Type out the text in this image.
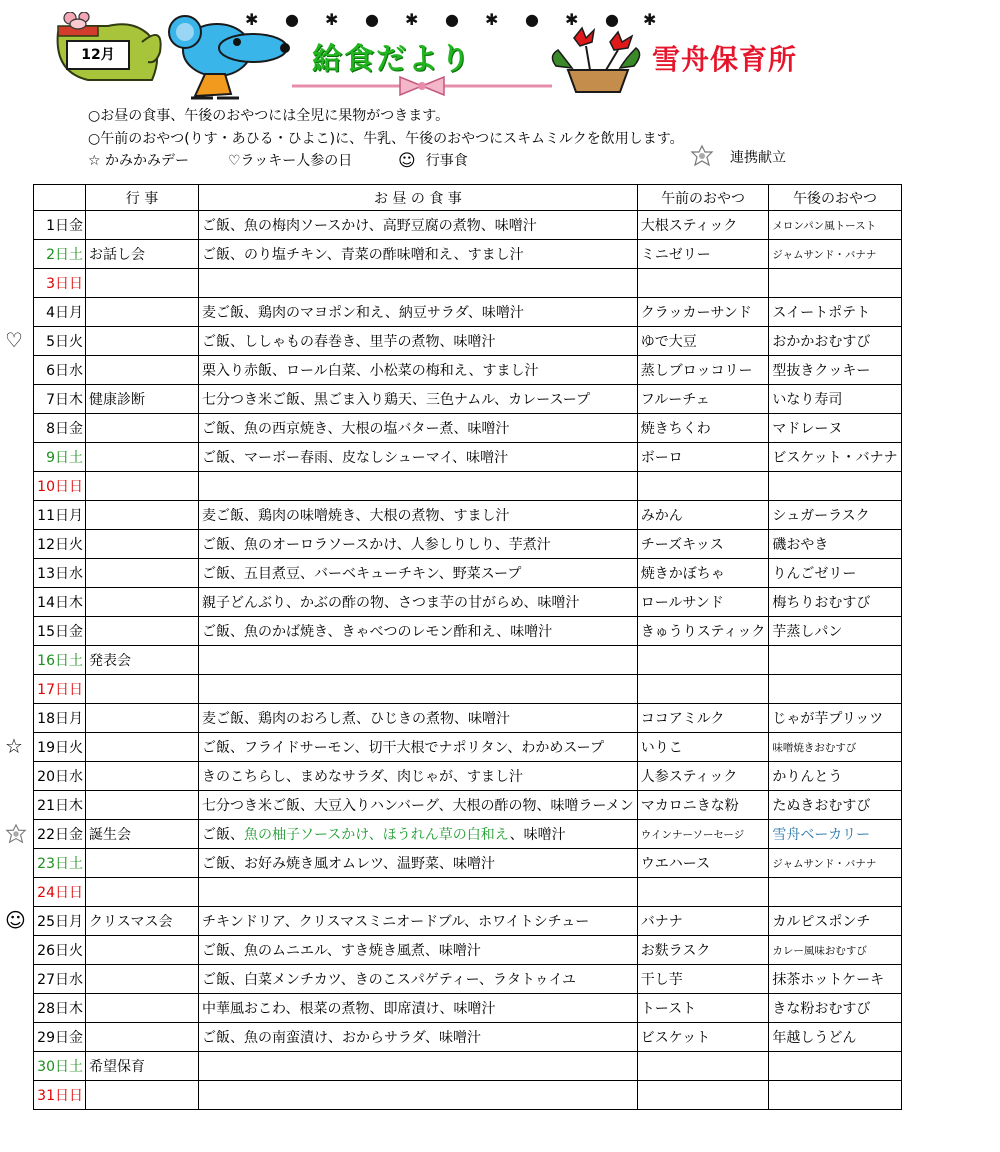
12月
✱ ● ✱ ● ✱ ● ✱ ● ✱ ● ✱
給食だより	雪舟保育所
○お昼の食事、午後のおやつには全児に果物がつきます。
○午前のおやつ(りす・あひる・ひよこ)に、牛乳、午後のおやつにスキムミルクを飲用します。
☆ かみかみデー	♡ラッキー人参の日	☺ 行事食	連携献立
♡
☆
☺
	行 事	お 昼 の 食 事	午前のおやつ	午後のおやつ
1日金		ご飯、魚の梅肉ソースかけ、高野豆腐の煮物、味噌汁	大根スティック	メロンパン風トースト
2日土	お話し会	ご飯、のり塩チキン、青菜の酢味噌和え、すまし汁	ミニゼリー	ジャムサンド・バナナ
3日日				
4日月		麦ご飯、鶏肉のマヨポン和え、納豆サラダ、味噌汁	クラッカーサンド	スイートポテト
5日火		ご飯、ししゃもの春巻き、里芋の煮物、味噌汁	ゆで大豆	おかかおむすび
6日水		栗入り赤飯、ロール白菜、小松菜の梅和え、すまし汁	蒸しブロッコリー	型抜きクッキー
7日木	健康診断	七分つき米ご飯、黒ごま入り鶏天、三色ナムル、カレースープ	フルーチェ	いなり寿司
8日金		ご飯、魚の西京焼き、大根の塩バター煮、味噌汁	焼きちくわ	マドレーヌ
9日土		ご飯、マーボー春雨、皮なしシューマイ、味噌汁	ボーロ	ビスケット・バナナ
10日日				
11日月		麦ご飯、鶏肉の味噌焼き、大根の煮物、すまし汁	みかん	シュガーラスク
12日火		ご飯、魚のオーロラソースかけ、人参しりしり、芋煮汁	チーズキッス	磯おやき
13日水		ご飯、五目煮豆、バーベキューチキン、野菜スープ	焼きかぼちゃ	りんごゼリー
14日木		親子どんぶり、かぶの酢の物、さつま芋の甘がらめ、味噌汁	ロールサンド	梅ちりおむすび
15日金		ご飯、魚のかば焼き、きゃべつのレモン酢和え、味噌汁	きゅうりスティック	芋蒸しパン
16日土	発表会			
17日日				
18日月		麦ご飯、鶏肉のおろし煮、ひじきの煮物、味噌汁	ココアミルク	じゃが芋プリッツ
19日火		ご飯、フライドサーモン、切干大根でナポリタン、わかめスープ	いりこ	味噌焼きおむすび
20日水		きのこちらし、まめなサラダ、肉じゃが、すまし汁	人参スティック	かりんとう
21日木		七分つき米ご飯、大豆入りハンバーグ、大根の酢の物、味噌ラーメン	マカロニきな粉	たぬきおむすび
22日金	誕生会	ご飯、魚の柚子ソースかけ、ほうれん草の白和え、味噌汁	ウインナーソーセージ	雪舟ベーカリー
23日土		ご飯、お好み焼き風オムレツ、温野菜、味噌汁	ウエハース	ジャムサンド・バナナ
24日日				
25日月	クリスマス会	チキンドリア、クリスマスミニオードブル、ホワイトシチュー	バナナ	カルピスポンチ
26日火		ご飯、魚のムニエル、すき焼き風煮、味噌汁	お麩ラスク	カレー風味おむすび
27日水		ご飯、白菜メンチカツ、きのこスパゲティー、ラタトゥイユ	干し芋	抹茶ホットケーキ
28日木		中華風おこわ、根菜の煮物、即席漬け、味噌汁	トースト	きな粉おむすび
29日金		ご飯、魚の南蛮漬け、おからサラダ、味噌汁	ビスケット	年越しうどん
30日土	希望保育			
31日日				
